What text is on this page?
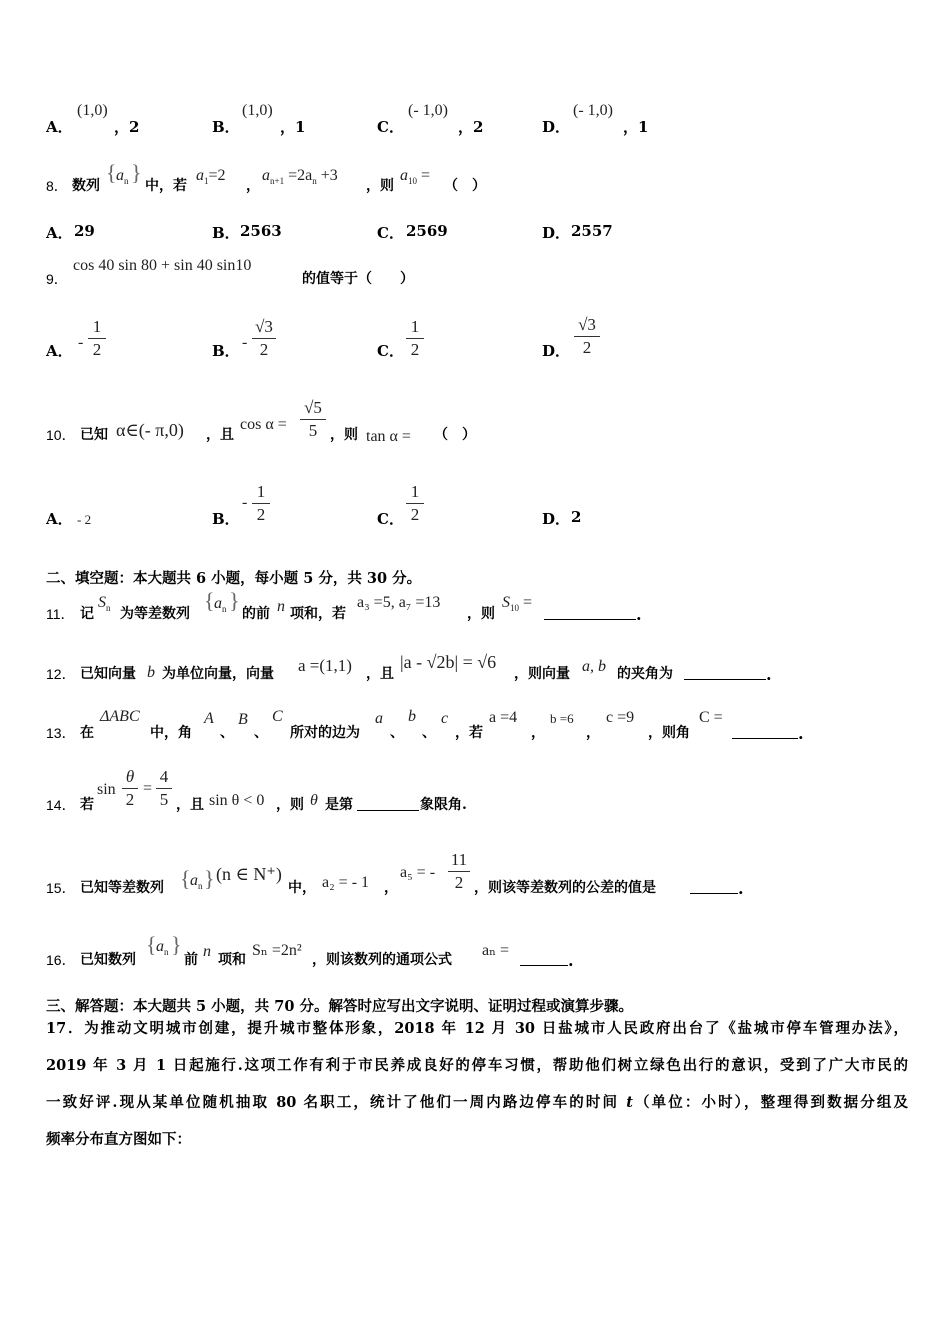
A．
(1,0)
，2	B．
(1,0)
，1	C．
(- 1,0)
，2	D．
(- 1,0)
，1
8． 数列
{ $a_n$ }
中，若
$a_1=2$
，
$a_{n+1} =2a_n +3$
，则
$a_{10}$ =
（　）
A． 29	B． 2563	C． 2569	D． 2557
9．
cos 40 sin 80 + sin 40 sin10
的值等于（　　）
A． -
1
2	B． -
√3
2	C．
1
2	D．
√3
2
10． 已知 α∈(- π,0) ，且
cos α =
√5
5 ，则 tan α = （　）
A． - 2	B．
-
1
2	C．
1
2	D． 2
二、填空题：本大题共 6 小题，每小题 5 分，共 30 分。
11． 记
$S_n$ 为等差数列
{ $a_n$ }
的前 n 项和，若
a₃ =5, a₇ =13
，则
$S_{10}$ =
.
12． 已知向量 b 为单位向量，向量 a =(1,1) ，且
|a - √2b| = √6
，则向量 a, b 的夹角为	.
13． 在
ΔABC
中，角
A
、
B
、
C
所对的边为
a
、
b
、
c
，若
a =4
，
b =6
，
c =9
，则角
C =
.
14． 若
sin
θ
2
=
4
5 ，且 sin θ < 0 ，则 θ 是第	象限角.
15． 已知等差数列 { $a_n$ } (n ∈ N⁺)
中， a₂ = - 1 ，
a₅ = -
11
2 ，则该等差数列的公差的值是	.
16． 已知数列
{ $a_n$ }
前 n 项和
Sₙ =2n²
，则该数列的通项公式
aₙ =
.
三、解答题：本大题共 5 小题，共 70 分。解答时应写出文字说明、证明过程或演算步骤。
17．为推动文明城市创建，提升城市整体形象，2018 年 12 月 30 日盐城市人民政府出台了《盐城市停车管理办法》，
2019 年 3 月 1 日起施行.这项工作有利于市民养成良好的停车习惯，帮助他们树立绿色出行的意识，受到了广大市民的
一致好评.现从某单位随机抽取 80 名职工，统计了他们一周内路边停车的时间 t（单位：小时），整理得到数据分组及
频率分布直方图如下：
